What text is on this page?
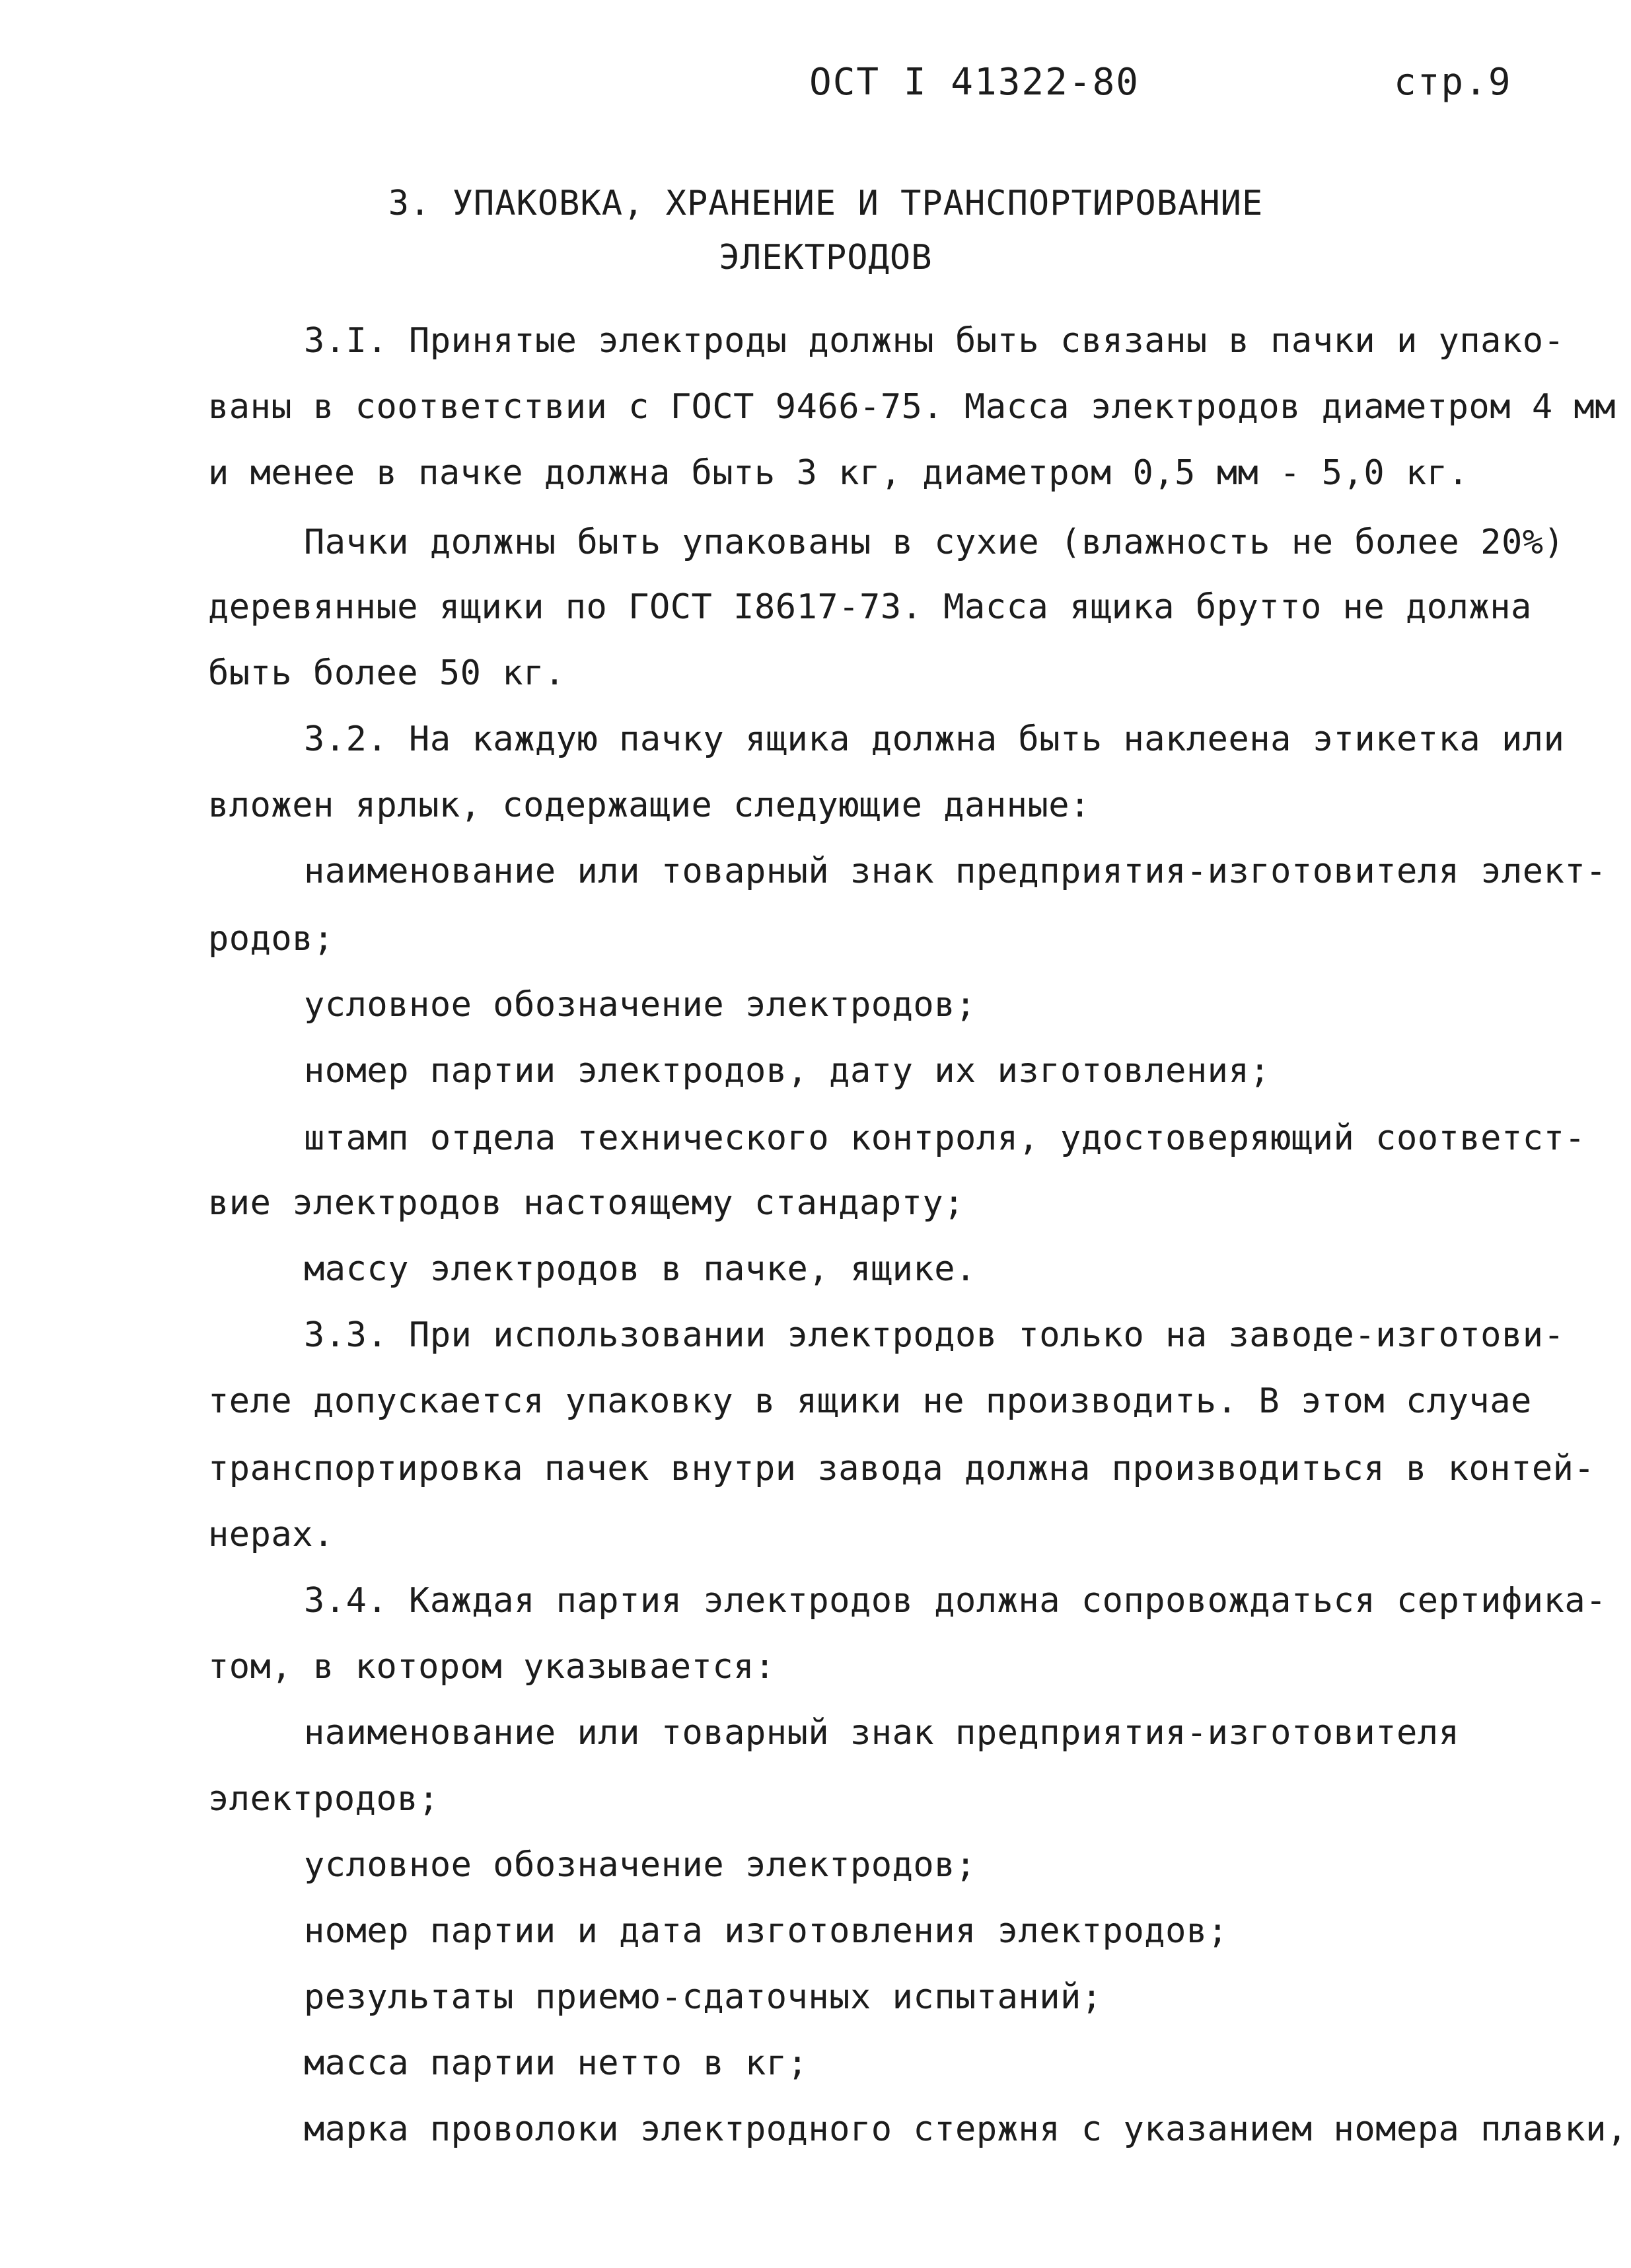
ОСТ I 41322-80	стр.9
3. УПАКОВКА, ХРАНЕНИЕ И ТРАНСПОРТИРОВАНИЕ
ЭЛЕКТРОДОВ
3.I. Принятые электроды должны быть связаны в пачки и упако-
ваны в соответствии с ГОСТ 9466-75. Масса электродов диаметром 4 мм
и менее в пачке должна быть 3 кг, диаметром 0,5 мм - 5,0 кг.
Пачки должны быть упакованы в сухие (влажность не более 20%)
деревянные ящики по ГОСТ I8617-73. Масса ящика брутто не должна
быть более 50 кг.
3.2. На каждую пачку ящика должна быть наклеена этикетка или
вложен ярлык, содержащие следующие данные:
наименование или товарный знак предприятия-изготовителя элект-
родов;
условное обозначение электродов;
номер партии электродов, дату их изготовления;
штамп отдела технического контроля, удостоверяющий соответст-
вие электродов настоящему стандарту;
массу электродов в пачке, ящике.
3.3. При использовании электродов только на заводе-изготови-
теле допускается упаковку в ящики не производить. В этом случае
транспортировка пачек внутри завода должна производиться в контей-
нерах.
3.4. Каждая партия электродов должна сопровождаться сертифика-
том, в котором указывается:
наименование или товарный знак предприятия-изготовителя
электродов;
условное обозначение электродов;
номер партии и дата изготовления электродов;
результаты приемо-сдаточных испытаний;
масса партии нетто в кг;
марка проволоки электродного стержня с указанием номера плавки,
